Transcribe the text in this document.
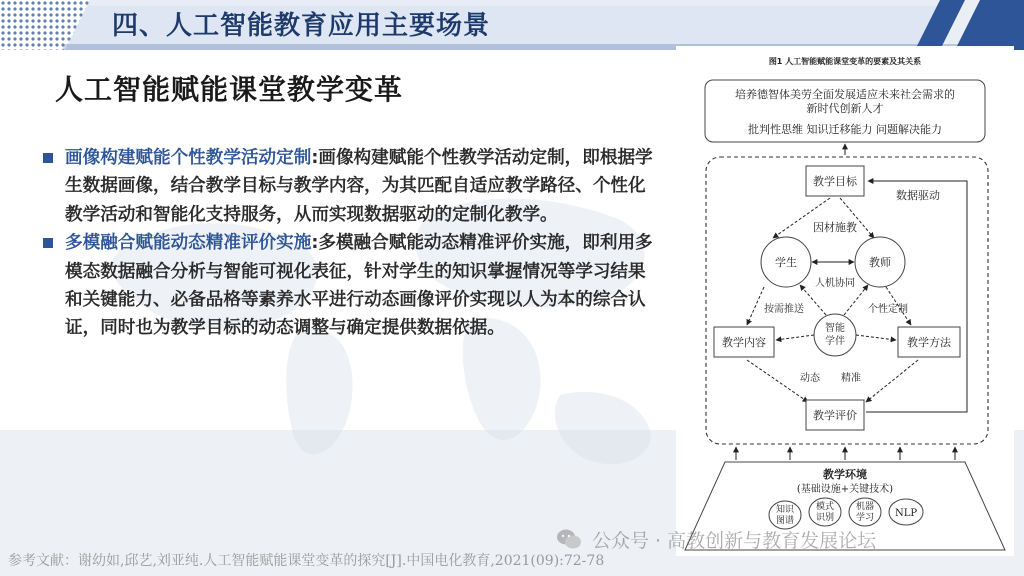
四、人工智能教育应用主要场景
人工智能赋能课堂教学变革

画像构建赋能个性教学活动定制:画像构建赋能个性教学活动定制，即根据学生数据画像，结合教学目标与教学内容，为其匹配自适应教学路径、个性化教学活动和智能化支持服务，从而实现数据驱动的定制化教学。

多模融合赋能动态精准评价实施:多模融合赋能动态精准评价实施，即利用多模态数据融合分析与智能可视化表征，针对学生的知识掌握情况等学习结果和关键能力、必备品格等素养水平进行动态画像评价实现以人为本的综合认证，同时也为教学目标的动态调整与确定提供数据依据。

图1 人工智能赋能课堂变革的要素及其关系
培养德智体美劳全面发展适应未来社会需求的
新时代创新人才
批判性思维 知识迁移能力 问题解决能力
教学目标
数据驱动
因材施教
学生	教师
人机协同
按需推送	个性定制
智能
学伴
教学内容	教学方法
动态 精准
教学评价
教学环境
(基础设施+关键技术)
知识
图谱
模式
识别
机器
学习 NLP
公众号 · 高教创新与教育发展论坛
参考文献：谢幼如,邱艺,刘亚纯.人工智能赋能课堂变革的探究[J].中国电化教育,2021(09):72-78
